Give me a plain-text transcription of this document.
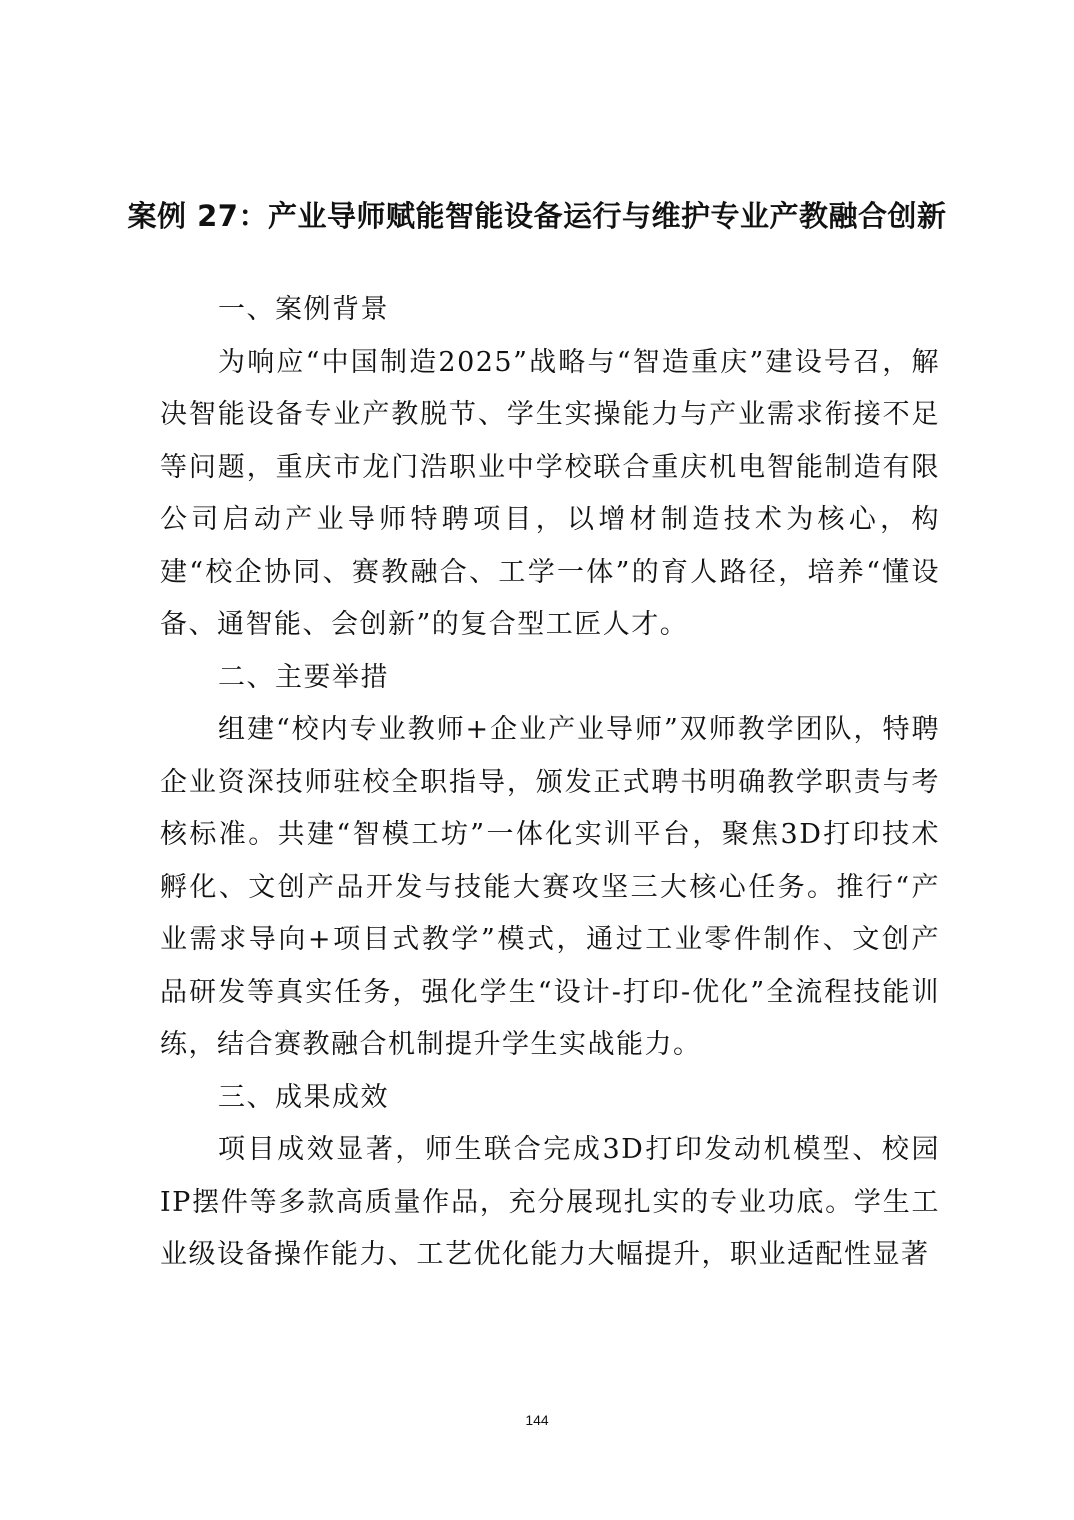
案例 27：产业导师赋能智能设备运行与维护专业产教融合创新

一、案例背景

为响应“中国制造2025”战略与“智造重庆”建设号召，解决智能设备专业产教脱节、学生实操能力与产业需求衔接不足等问题，重庆市龙门浩职业中学校联合重庆机电智能制造有限公司启动产业导师特聘项目，以增材制造技术为核心，构建“校企协同、赛教融合、工学一体”的育人路径，培养“懂设备、通智能、会创新”的复合型工匠人才。

二、主要举措

组建“校内专业教师+企业产业导师”双师教学团队，特聘企业资深技师驻校全职指导，颁发正式聘书明确教学职责与考核标准。共建“智模工坊”一体化实训平台，聚焦3D打印技术孵化、文创产品开发与技能大赛攻坚三大核心任务。推行“产业需求导向+项目式教学”模式，通过工业零件制作、文创产品研发等真实任务，强化学生“设计-打印-优化”全流程技能训练，结合赛教融合机制提升学生实战能力。

三、成果成效

项目成效显著，师生联合完成3D打印发动机模型、校园IP摆件等多款高质量作品，充分展现扎实的专业功底。学生工业级设备操作能力、工艺优化能力大幅提升，职业适配性显著

144
